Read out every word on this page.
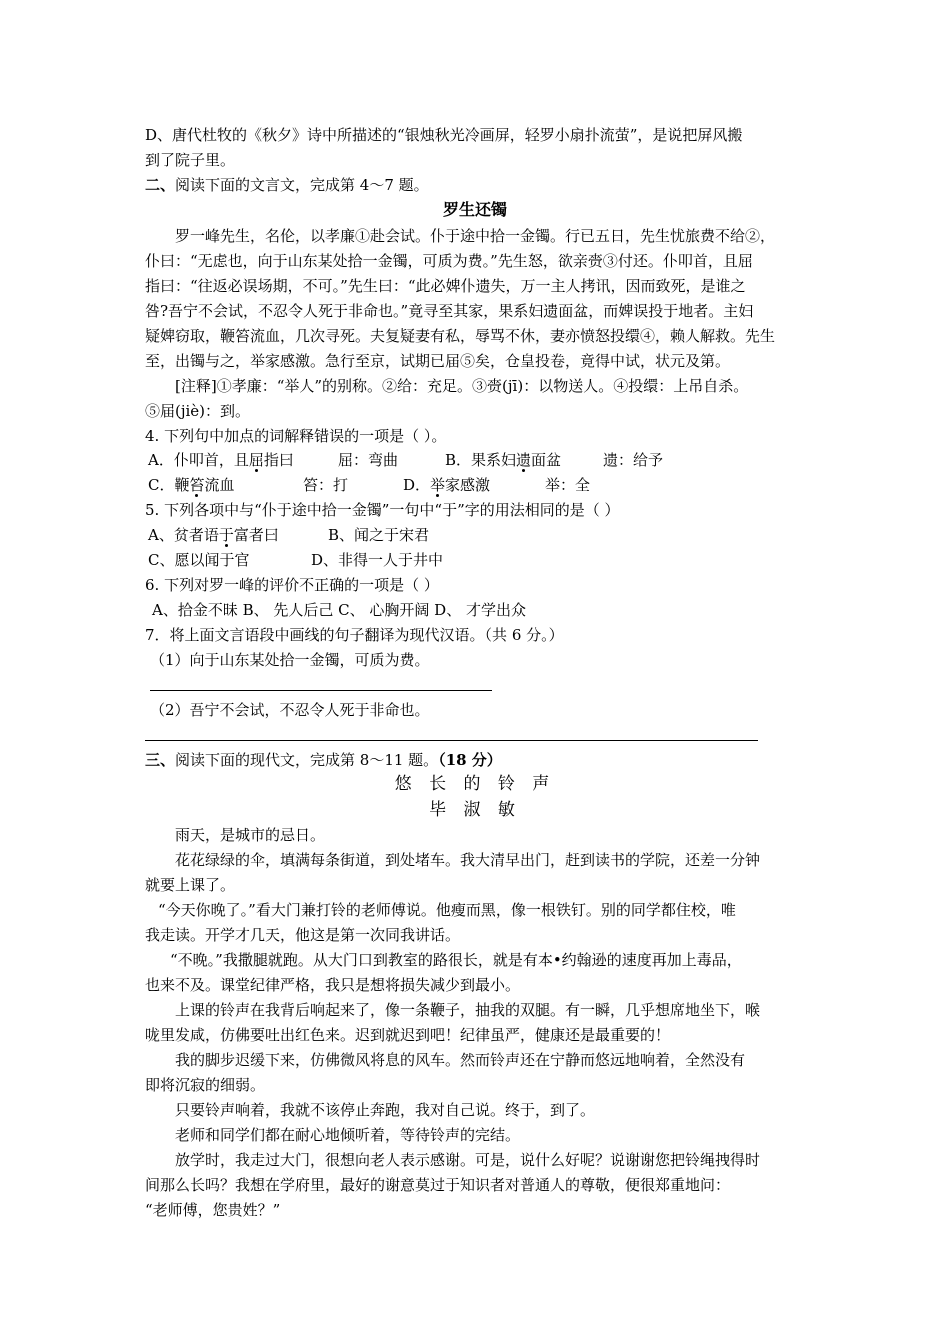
D、唐代杜牧的《秋夕》诗中所描述的“银烛秋光冷画屏，轻罗小扇扑流萤”，是说把屏风搬
到了院子里。
二、阅读下面的文言文，完成第 4～7 题。
罗生还镯
罗一峰先生，名伦，以孝廉①赴会试。仆于途中拾一金镯。行已五日，先生忧旅费不给②，
仆曰：“无虑也，向于山东某处拾一金镯，可质为费。”先生怒，欲亲赍③付还。仆叩首，且屈
指曰：“往返必误场期，不可。”先生曰：“此必婢仆遗失，万一主人拷讯，因而致死，是谁之
咎?吾宁不会试，不忍令人死于非命也。”竟寻至其家，果系妇遗面盆，而婢误投于地者。主妇
疑婢窃取，鞭笞流血，几次寻死。夫复疑妻有私，辱骂不休，妻亦愤怒投缳④，赖人解救。先生
至，出镯与之，举家感激。急行至京，试期已届⑤矣，仓皇投卷，竟得中试，状元及第。
[注释]①孝廉：“举人”的别称。②给：充足。③赍(jī)：以物送人。④投缳：上吊自杀。
⑤届(jiè)：到。
4. 下列句中加点的词解释错误的一项是（ ）。
A．仆叩首，且屈指曰	屈：弯曲	B．果系妇遗面盆	遗：给予
C．鞭笞流血	笞：打	D．举家感激	举：全
5. 下列各项中与“仆于途中拾一金镯”一句中“于”字的用法相同的是（ ）
A、贫者语于富者曰	B、闻之于宋君
C、愿以闻于官	D、非得一人于井中
6. 下列对罗一峰的评价不正确的一项是（ ）
A、拾金不昧 B、 先人后己 C、 心胸开阔 D、 才学出众
7．将上面文言语段中画线的句子翻译为现代汉语。（共 6 分。）
（1）向于山东某处拾一金镯，可质为费。
（2）吾宁不会试，不忍令人死于非命也。
三、阅读下面的现代文，完成第 8～11 题。（18 分）
悠 长 的 铃 声
毕 淑 敏
雨天，是城市的忌日。
花花绿绿的伞，填满每条街道，到处堵车。我大清早出门，赶到读书的学院，还差一分钟
就要上课了。
“今天你晚了。”看大门兼打铃的老师傅说。他瘦而黑，像一根铁钉。别的同学都住校，唯
我走读。开学才几天，他这是第一次同我讲话。
“不晚。”我撒腿就跑。从大门口到教室的路很长，就是有本•约翰逊的速度再加上毒品，
也来不及。课堂纪律严格，我只是想将损失减少到最小。
上课的铃声在我背后响起来了，像一条鞭子，抽我的双腿。有一瞬，几乎想席地坐下，喉
咙里发咸，仿佛要吐出红色来。迟到就迟到吧！纪律虽严，健康还是最重要的！
我的脚步迟缓下来，仿佛微风将息的风车。然而铃声还在宁静而悠远地响着，全然没有
即将沉寂的细弱。
只要铃声响着，我就不该停止奔跑，我对自己说。终于，到了。
老师和同学们都在耐心地倾听着，等待铃声的完结。
放学时，我走过大门，很想向老人表示感谢。可是，说什么好呢？说谢谢您把铃绳拽得时
间那么长吗？我想在学府里，最好的谢意莫过于知识者对普通人的尊敬，便很郑重地问：
“老师傅，您贵姓？”
